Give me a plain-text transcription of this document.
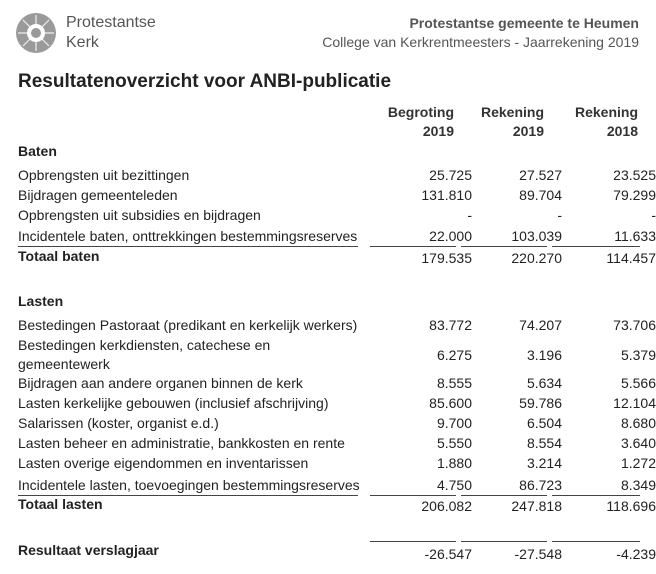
Protestantse
Kerk
Protestantse gemeente te Heumen
College van Kerkrentmeesters - Jaarrekening 2019
Resultatenoverzicht voor ANBI-publicatie
Begroting
2019
Rekening
2019
Rekening
2018
Baten
Opbrengsten uit bezittingen	25.725	27.527	23.525
Bijdragen gemeenteleden	131.810	89.704	79.299
Opbrengsten uit subsidies en bijdragen	-	-	-
Incidentele baten, onttrekkingen bestemmingsreserves	22.000	103.039	11.633
Totaal baten	179.535	220.270	114.457
Lasten
Bestedingen Pastoraat (predikant en kerkelijk werkers)	83.772	74.207	73.706
Bestedingen kerkdiensten, catechese en gemeentewerk
6.275	3.196	5.379
Bijdragen aan andere organen binnen de kerk	8.555	5.634	5.566
Lasten kerkelijke gebouwen (inclusief afschrijving)	85.600	59.786	12.104
Salarissen (koster, organist e.d.)	9.700	6.504	8.680
Lasten beheer en administratie, bankkosten en rente	5.550	8.554	3.640
Lasten overige eigendommen en inventarissen	1.880	3.214	1.272
Incidentele lasten, toevoegingen bestemmingsreserves	4.750	86.723	8.349
Totaal lasten	206.082	247.818	118.696
Resultaat verslagjaar	-26.547	-27.548	-4.239
